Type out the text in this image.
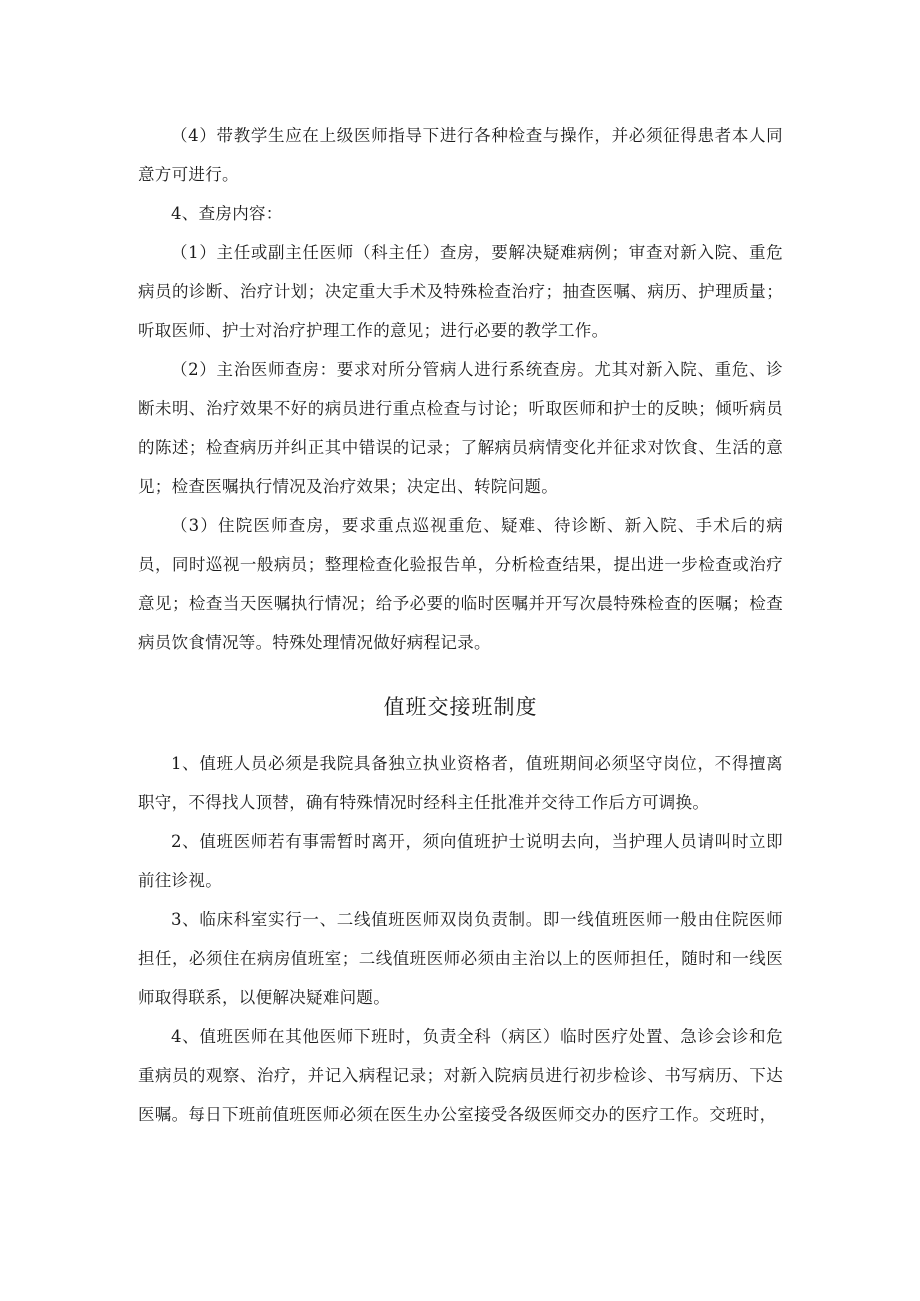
（4）带教学生应在上级医师指导下进行各种检查与操作，并必须征得患者本人同意方可进行。

4、查房内容：

（1）主任或副主任医师（科主任）查房，要解决疑难病例；审查对新入院、重危病员的诊断、治疗计划；决定重大手术及特殊检查治疗；抽查医嘱、病历、护理质量；听取医师、护士对治疗护理工作的意见；进行必要的教学工作。

（2）主治医师查房：要求对所分管病人进行系统查房。尤其对新入院、重危、诊断未明、治疗效果不好的病员进行重点检查与讨论；听取医师和护士的反映；倾听病员的陈述；检查病历并纠正其中错误的记录；了解病员病情变化并征求对饮食、生活的意见；检查医嘱执行情况及治疗效果；决定出、转院问题。

（3）住院医师查房，要求重点巡视重危、疑难、待诊断、新入院、手术后的病员，同时巡视一般病员；整理检查化验报告单，分析检查结果，提出进一步检查或治疗意见；检查当天医嘱执行情况；给予必要的临时医嘱并开写次晨特殊检查的医嘱；检查病员饮食情况等。特殊处理情况做好病程记录。

值班交接班制度

1、值班人员必须是我院具备独立执业资格者，值班期间必须坚守岗位，不得擅离职守，不得找人顶替，确有特殊情况时经科主任批准并交待工作后方可调换。

2、值班医师若有事需暂时离开，须向值班护士说明去向，当护理人员请叫时立即前往诊视。

3、临床科室实行一、二线值班医师双岗负责制。即一线值班医师一般由住院医师担任，必须住在病房值班室；二线值班医师必须由主治以上的医师担任，随时和一线医师取得联系，以便解决疑难问题。

4、值班医师在其他医师下班时，负责全科（病区）临时医疗处置、急诊会诊和危重病员的观察、治疗，并记入病程记录；对新入院病员进行初步检诊、书写病历、下达医嘱。每日下班前值班医师必须在医生办公室接受各级医师交办的医疗工作。交班时，
